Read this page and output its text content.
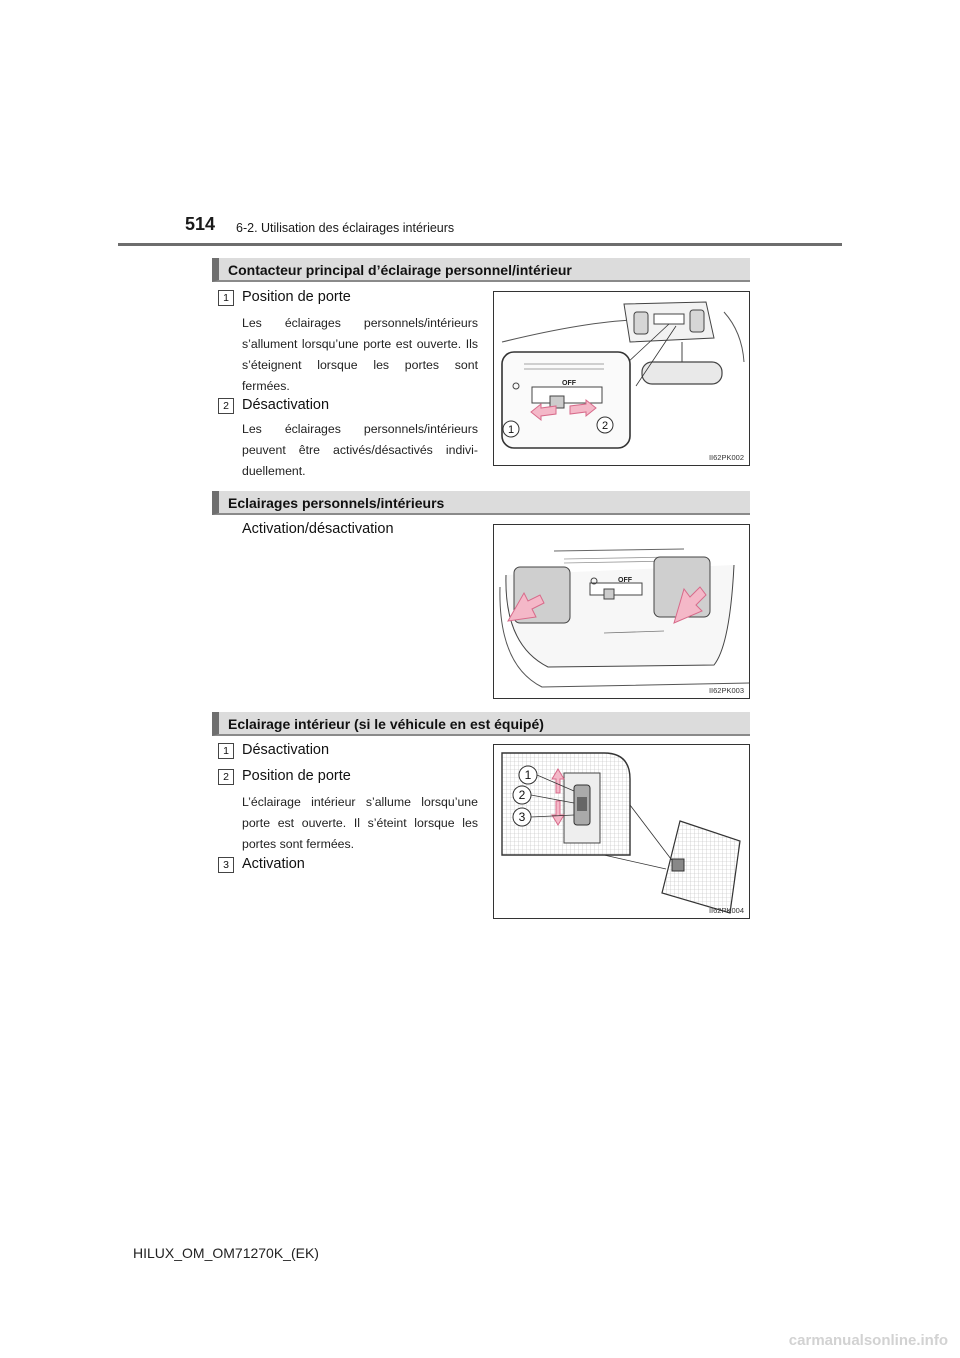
514 6-2. Utilisation des éclairages intérieurs
Contacteur principal d’éclairage personnel/intérieur
1 Position de porte
Les éclairages personnels/intérieurs s’allument lorsqu’une porte est ouverte. Ils s’éteignent lorsque les portes sont fermées.
2 Désactivation
Les éclairages personnels/intérieurs peuvent être activés/désactivés indivi-duellement.
OFF
1	2
II62PK002
Eclairages personnels/intérieurs
Activation/désactivation
OFF
II62PK003
Eclairage intérieur (si le véhicule en est équipé)
1 Désactivation
2 Position de porte
L’éclairage intérieur s’allume lorsqu’une porte est ouverte. Il s’éteint lorsque les portes sont fermées.
3 Activation
1
2
3
II62PK004
HILUX_OM_OM71270K_(EK)
carmanualsonline.info
